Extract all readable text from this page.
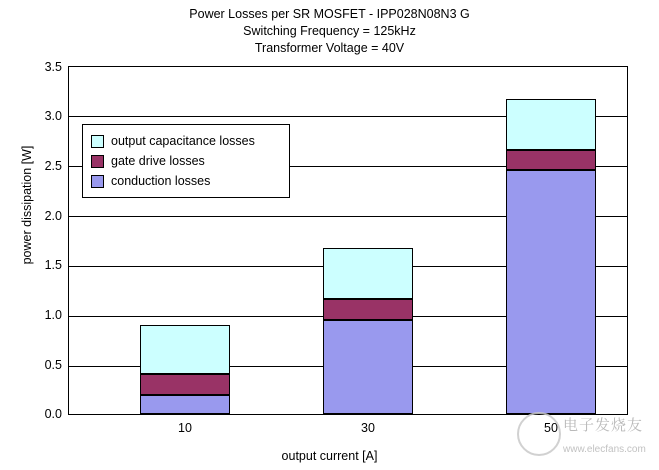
Power Losses per SR MOSFET - IPP028N08N3 G
Switching Frequency = 125kHz
Transformer Voltage = 40V
power dissipation [W]
3.5
3.0
2.5
2.0
1.5
1.0
0.5
0.0
output capacitance losses
gate drive losses
conduction losses
10	30	50
output current [A]
电子发烧友
www.elecfans.com
